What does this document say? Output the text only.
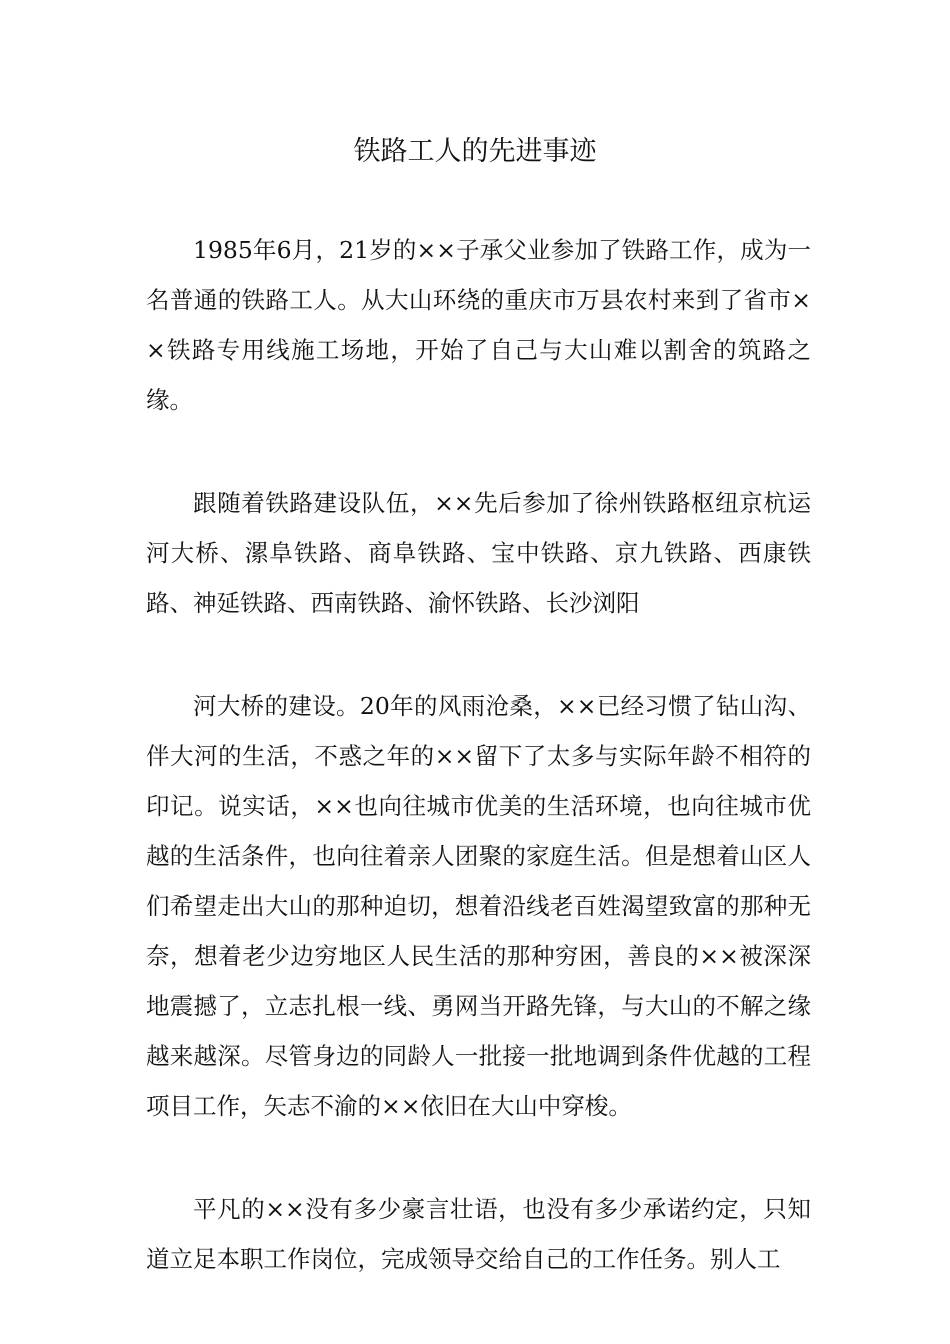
铁路工人的先进事迹

1985年6月，21岁的××子承父业参加了铁路工作，成为一名普通的铁路工人。从大山环绕的重庆市万县农村来到了省市××铁路专用线施工场地，开始了自己与大山难以割舍的筑路之缘。

跟随着铁路建设队伍，××先后参加了徐州铁路枢纽京杭运河大桥、漯阜铁路、商阜铁路、宝中铁路、京九铁路、西康铁路、神延铁路、西南铁路、渝怀铁路、长沙浏阳

河大桥的建设。20年的风雨沧桑，××已经习惯了钻山沟、伴大河的生活，不惑之年的××留下了太多与实际年龄不相符的印记。说实话，××也向往城市优美的生活环境，也向往城市优越的生活条件，也向往着亲人团聚的家庭生活。但是想着山区人们希望走出大山的那种迫切，想着沿线老百姓渴望致富的那种无奈，想着老少边穷地区人民生活的那种穷困，善良的××被深深地震撼了，立志扎根一线、勇网当开路先锋，与大山的不解之缘越来越深。尽管身边的同龄人一批接一批地调到条件优越的工程项目工作，矢志不渝的××依旧在大山中穿梭。

平凡的××没有多少豪言壮语，也没有多少承诺约定，只知道立足本职工作岗位，完成领导交给自己的工作任务。别人工
